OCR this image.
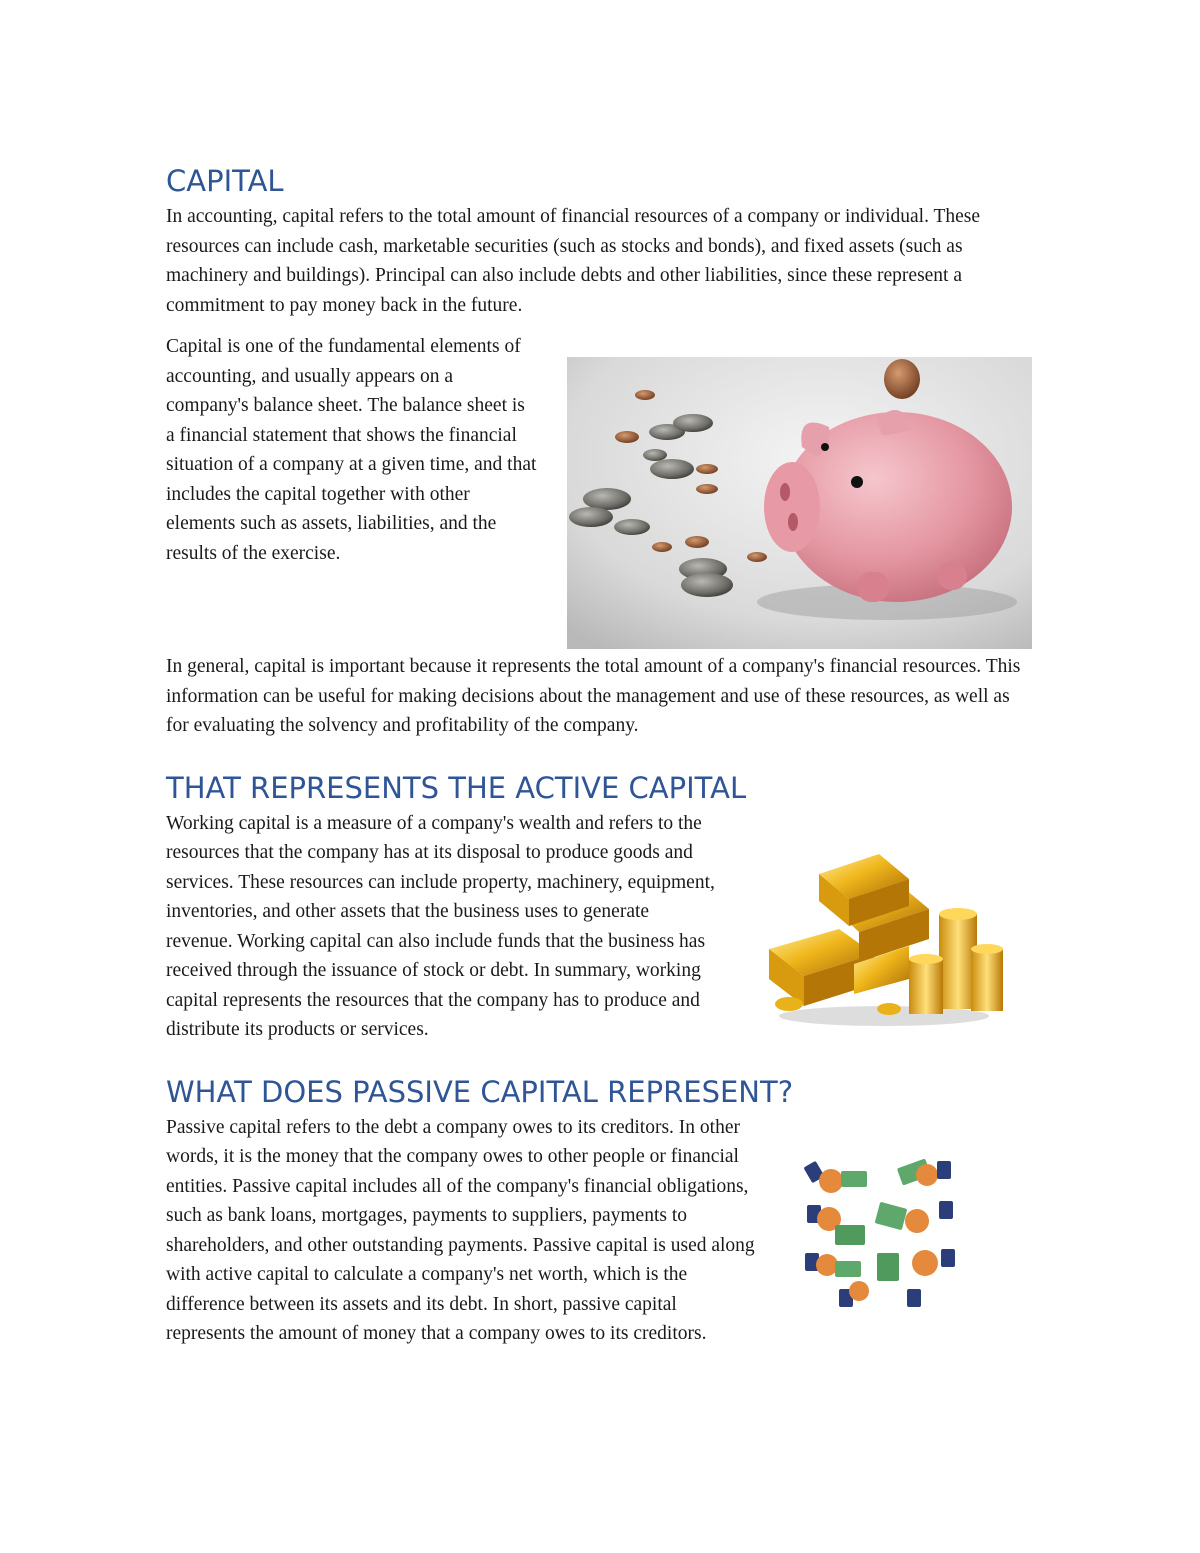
CAPITAL

In accounting, capital refers to the total amount of financial resources of a company or individual. These resources can include cash, marketable securities (such as stocks and bonds), and fixed assets (such as machinery and buildings). Principal can also include debts and other liabilities, since these represent a commitment to pay money back in the future.

Capital is one of the fundamental elements of accounting, and usually appears on a company's balance sheet. The balance sheet is a financial statement that shows the financial situation of a company at a given time, and that includes the capital together with other elements such as assets, liabilities, and the results of the exercise.

In general, capital is important because it represents the total amount of a company's financial resources. This information can be useful for making decisions about the management and use of these resources, as well as for evaluating the solvency and profitability of the company.

THAT REPRESENTS THE ACTIVE CAPITAL

Working capital is a measure of a company's wealth and refers to the resources that the company has at its disposal to produce goods and services. These resources can include property, machinery, equipment, inventories, and other assets that the business uses to generate revenue. Working capital can also include funds that the business has received through the issuance of stock or debt. In summary, working capital represents the resources that the company has to produce and distribute its products or services.

WHAT DOES PASSIVE CAPITAL REPRESENT?

Passive capital refers to the debt a company owes to its creditors. In other words, it is the money that the company owes to other people or financial entities. Passive capital includes all of the company's financial obligations, such as bank loans, mortgages, payments to suppliers, payments to shareholders, and other outstanding payments. Passive capital is used along with active capital to calculate a company's net worth, which is the difference between its assets and its debt. In short, passive capital represents the amount of money that a company owes to its creditors.
